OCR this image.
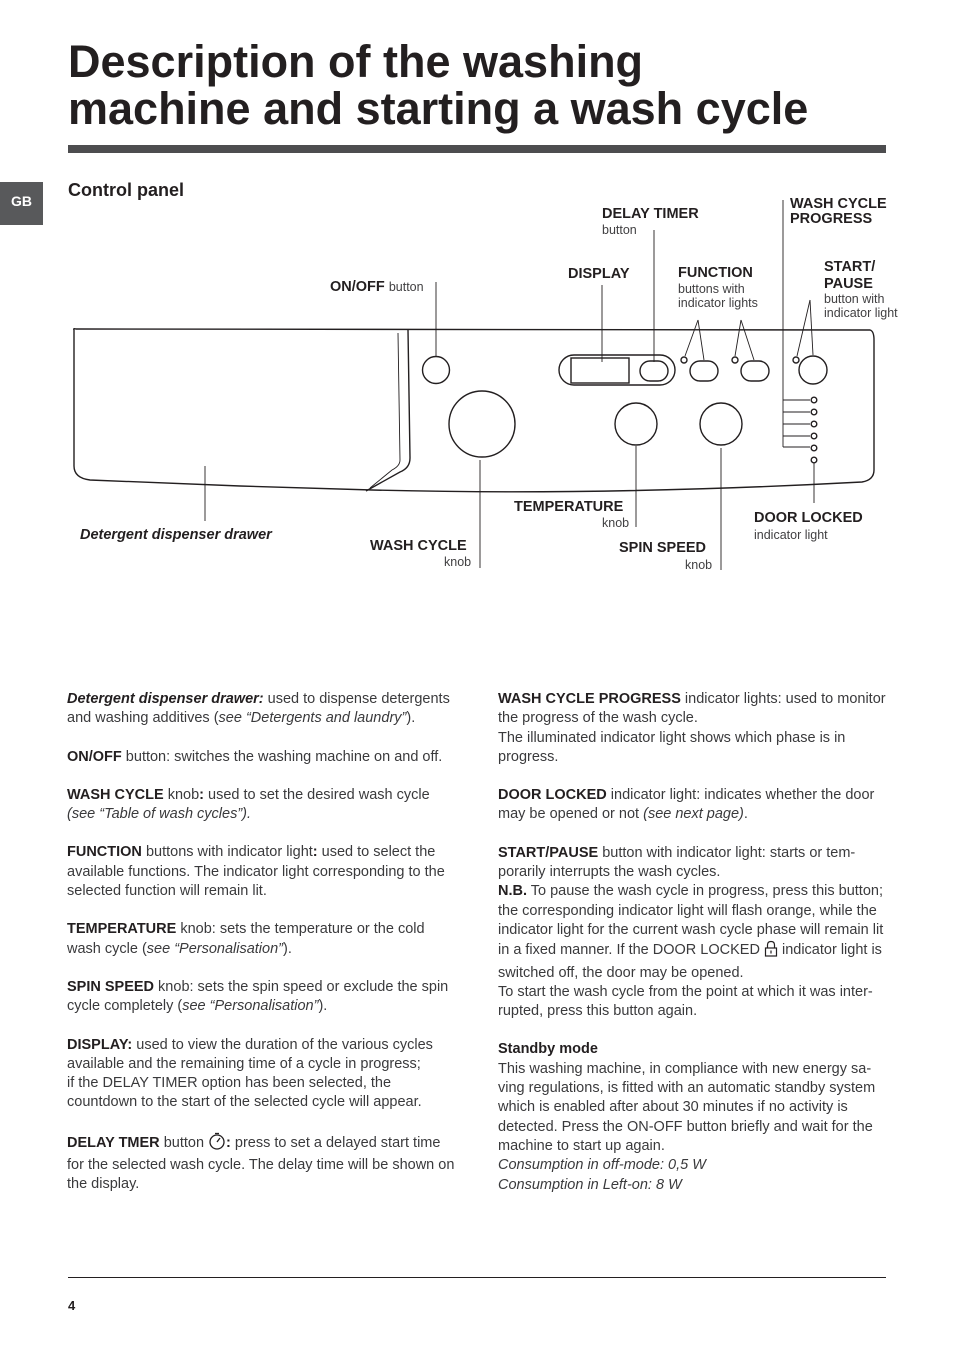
Description of the washing
machine and starting a wash cycle
GB
Control panel
DELAY TIMER
button
WASH CYCLE
PROGRESS
DISPLAY	FUNCTION
buttons with
indicator lights
START/
PAUSE
button with
indicator light
ON/OFF button
Detergent dispenser drawer
WASH CYCLE
knob
TEMPERATURE
knob
SPIN SPEED
knob
DOOR LOCKED
indicator light

Detergent dispenser drawer: used to dispense detergents and washing additives (see “Detergents and laundry”).

ON/OFF button: switches the washing machine on and off.

WASH CYCLE knob: used to set the desired wash cycle (see “Table of wash cycles”).

FUNCTION buttons with indicator light: used to select the available functions. The indicator light corresponding to the selected function will remain lit.

TEMPERATURE knob: sets the temperature or the cold wash cycle (see “Personalisation”).

SPIN SPEED knob: sets the spin speed or exclude the spin cycle completely (see “Personalisation”).

DISPLAY: used to view the duration of the various cycles available and the remaining time of a cycle in progress;
if the DELAY TIMER option has been selected, the countdown to the start of the selected cycle will appear.

DELAY TMER button : press to set a delayed start time for the selected wash cycle. The delay time will be shown on the display.

WASH CYCLE PROGRESS indicator lights: used to monitor the progress of the wash cycle.
The illuminated indicator light shows which phase is in progress.

DOOR LOCKED indicator light: indicates whether the door may be opened or not (see next page).

START/PAUSE button with indicator light: starts or tem-porarily interrupts the wash cycles.
N.B. To pause the wash cycle in progress, press this button; the corresponding indicator light will flash orange, while the indicator light for the current wash cycle phase will remain lit in a fixed manner. If the DOOR LOCKED  indicator light is switched off, the door may be opened.
To start the wash cycle from the point at which it was inter-rupted, press this button again.

Standby mode
This washing machine, in compliance with new energy sa-ving regulations, is fitted with an automatic standby system which is enabled after about 30 minutes if no activity is detected. Press the ON-OFF button briefly and wait for the machine to start up again.
Consumption in off-mode: 0,5 W
Consumption in Left-on: 8 W

4
